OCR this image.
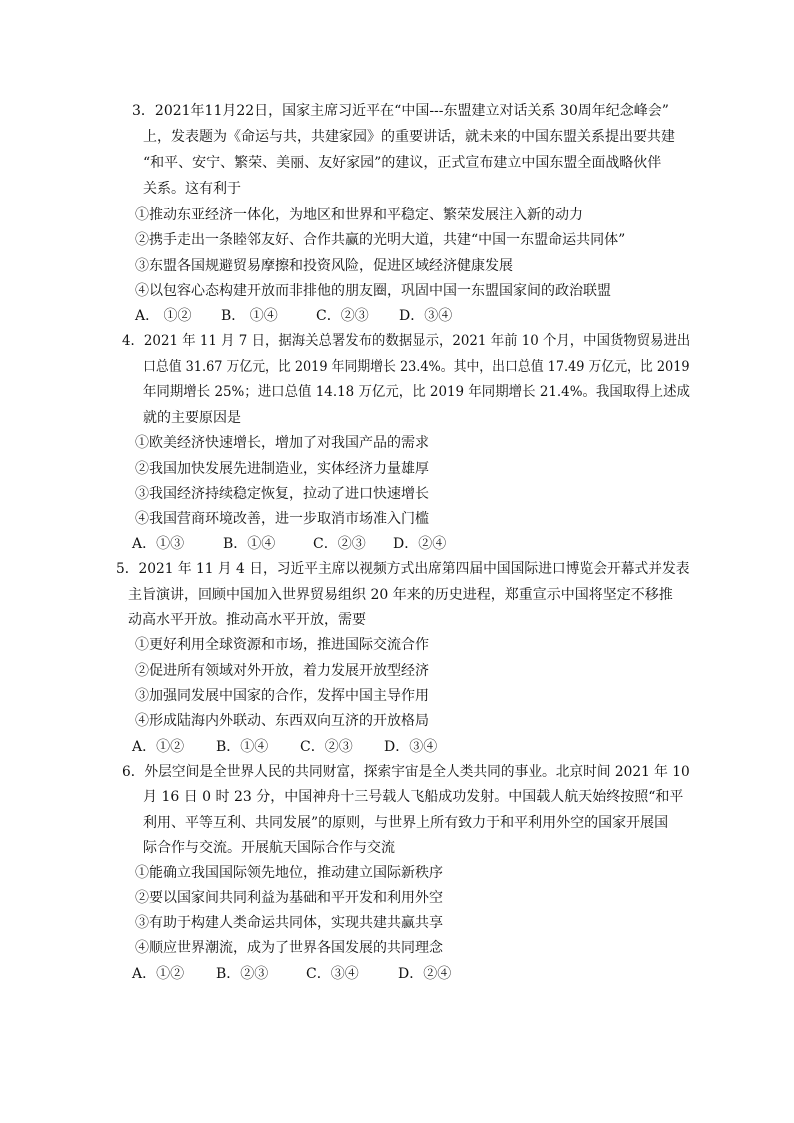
3．2021年11月22日，国家主席习近平在“中国---东盟建立对话关系 30周年纪念峰会”
上，发表题为《命运与共，共建家园》的重要讲话，就未来的中国东盟关系提出要共建
“和平、安宁、繁荣、美丽、友好家园”的建议，正式宣布建立中国东盟全面战略伙伴
关系。这有利于
①推动东亚经济一体化，为地区和世界和平稳定、繁荣发展注入新的动力
②携手走出一条睦邻友好、合作共赢的光明大道，共建“中国一东盟命运共同体”
③东盟各国规避贸易摩擦和投资风险，促进区域经济健康发展
④以包容心态构建开放而非排他的朋友圈，巩固中国一东盟国家间的政治联盟
A． ①② B． ①④	C．②③ D．③④
4．2021 年 11 月 7 日，据海关总署发布的数据显示，2021 年前 10 个月，中国货物贸易进出
口总值 31.67 万亿元，比 2019 年同期增长 23.4%。其中，出口总值 17.49 万亿元，比 2019
年同期增长 25%；进口总值 14.18 万亿元，比 2019 年同期增长 21.4%。我国取得上述成
就的主要原因是
①欧美经济快速增长，增加了对我国产品的需求
②我国加快发展先进制造业，实体经济力量雄厚
③我国经济持续稳定恢复，拉动了进口快速增长
④我国营商环境改善，进一步取消市场准入门槛
A．①③	B．①④	C．②③ D．②④
5．2021 年 11 月 4 日，习近平主席以视频方式出席第四届中国国际进口博览会开幕式并发表
主旨演讲，回顾中国加入世界贸易组织 20 年来的历史进程，郑重宣示中国将坚定不移推
动高水平开放。推动高水平开放，需要
①更好利用全球资源和市场，推进国际交流合作
②促进所有领域对外开放，着力发展开放型经济
③加强同发展中国家的合作，发挥中国主导作用
④形成陆海内外联动、东西双向互济的开放格局
A．①② B．①④ C．②③ D．③④
6．外层空间是全世界人民的共同财富，探索宇宙是全人类共同的事业。北京时间 2021 年 10
月 16 日 0 时 23 分，中国神舟十三号载人飞船成功发射。中国载人航天始终按照“和平
利用、平等互利、共同发展”的原则，与世界上所有致力于和平利用外空的国家开展国
际合作与交流。开展航天国际合作与交流
①能确立我国国际领先地位，推动建立国际新秩序
②要以国家间共同利益为基础和平开发和利用外空
③有助于构建人类命运共同体，实现共建共赢共享
④顺应世界潮流，成为了世界各国发展的共同理念
A．①② B．②③	C．③④	D．②④
